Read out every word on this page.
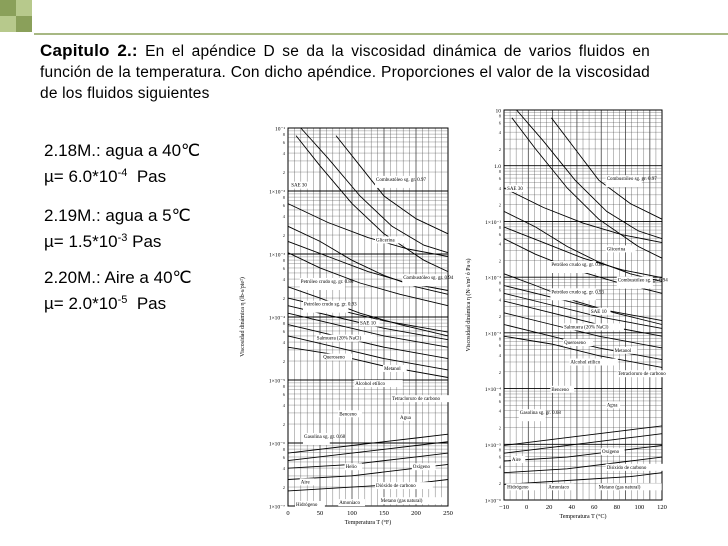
Capitulo 2.: En el apéndice D se da la viscosidad dinámica de varios fluidos en función de la temperatura. Con dicho apéndice. Proporciones el valor de la viscosidad de los fluidos siguientes
2.18M.: agua a 40℃
$\mu= 6.0*10^{-4}$  Pas
2.19M.: agua a 5℃
$\mu= 1.5*10^{-3}$ Pas
2.20M.: Aire a 40℃
$\mu= 2.0*10^{-5}$  Pas
2
4
6
8
2
4
6
8
2
4
6
8
2
4
6
8
2
4
6
8
2
4
6
8
10⁻¹
1×10⁻²
1×10⁻³
1×10⁻⁴
1×10⁻⁵
1×10⁻⁶
1×10⁻⁷
0	50	100	150	200	250
Temperatura T (°F)
Viscosidad dinámica η (lb-s/pie²)
SAE 30
Combustóleo sg. gr. 0.97
Glicerina
Petróleo crudo sg. gr. 0.86
Combustóleo sg. gr. 0.94
Petróleo crudo sg. gr. 0.93
SAE 10
Salmuera (20% NaCl)
Queroseno
Metanol
Alcohol etílico
Tetracloruro de carbono
Benceno
Agua
Gasolina sg. gr. 0.68
Helio	Oxígeno
Aire
Dióxido de carbono
Metano (gas natural)
Hidrógeno	Amoníaco
2
4
6
8
2
4
6
8
2
4
6
8
2
4
6
8
2
4
6
8
2
4
6
8
2
4
6
8
10
1.0
1×10⁻¹
1×10⁻²
1×10⁻³
1×10⁻⁴
1×10⁻⁵
1×10⁻⁶
−10 0	20 40 60 80 100 120
Temperatura T (°C)
Viscosidad dinámica η (N·s/m² ó Pa·s)
SAE 30
Combustóleo sg. gr. 0.97
Glicerina
Petróleo crudo sg. gr. 0.86
Combustóleo sg. gr. 0.94
Petróleo crudo sg. gr. 0.93
SAE 10
Salmuera (20% NaCl)
Queroseno
Metanol
Alcohol etílico
Tetracloruro de carbono
Benceno
Agua
Gasolina sg. gr. 0.68
Oxígeno
Aire
Dióxido de carbono
Metano (gas natural)
Hidrógeno	Amoníaco
